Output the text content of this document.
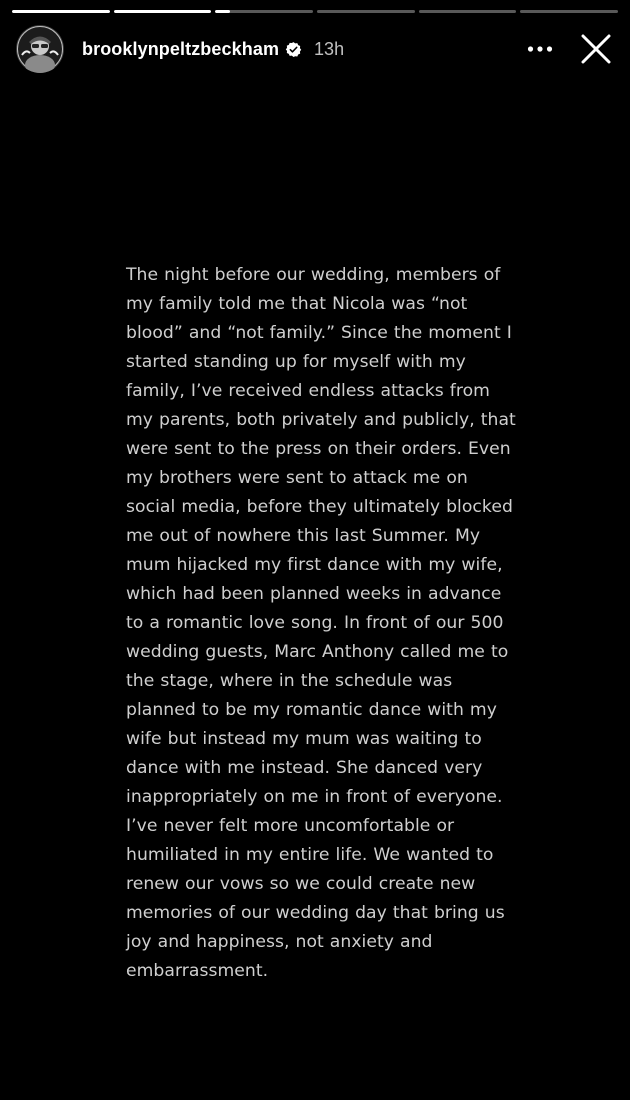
brooklynpeltzbeckham 13h
The night before our wedding, members of
my family told me that Nicola was “not
blood” and “not family.” Since the moment I
started standing up for myself with my
family, I’ve received endless attacks from
my parents, both privately and publicly, that
were sent to the press on their orders. Even
my brothers were sent to attack me on
social media, before they ultimately blocked
me out of nowhere this last Summer. My
mum hijacked my first dance with my wife,
which had been planned weeks in advance
to a romantic love song. In front of our 500
wedding guests, Marc Anthony called me to
the stage, where in the schedule was
planned to be my romantic dance with my
wife but instead my mum was waiting to
dance with me instead. She danced very
inappropriately on me in front of everyone.
I’ve never felt more uncomfortable or
humiliated in my entire life. We wanted to
renew our vows so we could create new
memories of our wedding day that bring us
joy and happiness, not anxiety and
embarrassment.
